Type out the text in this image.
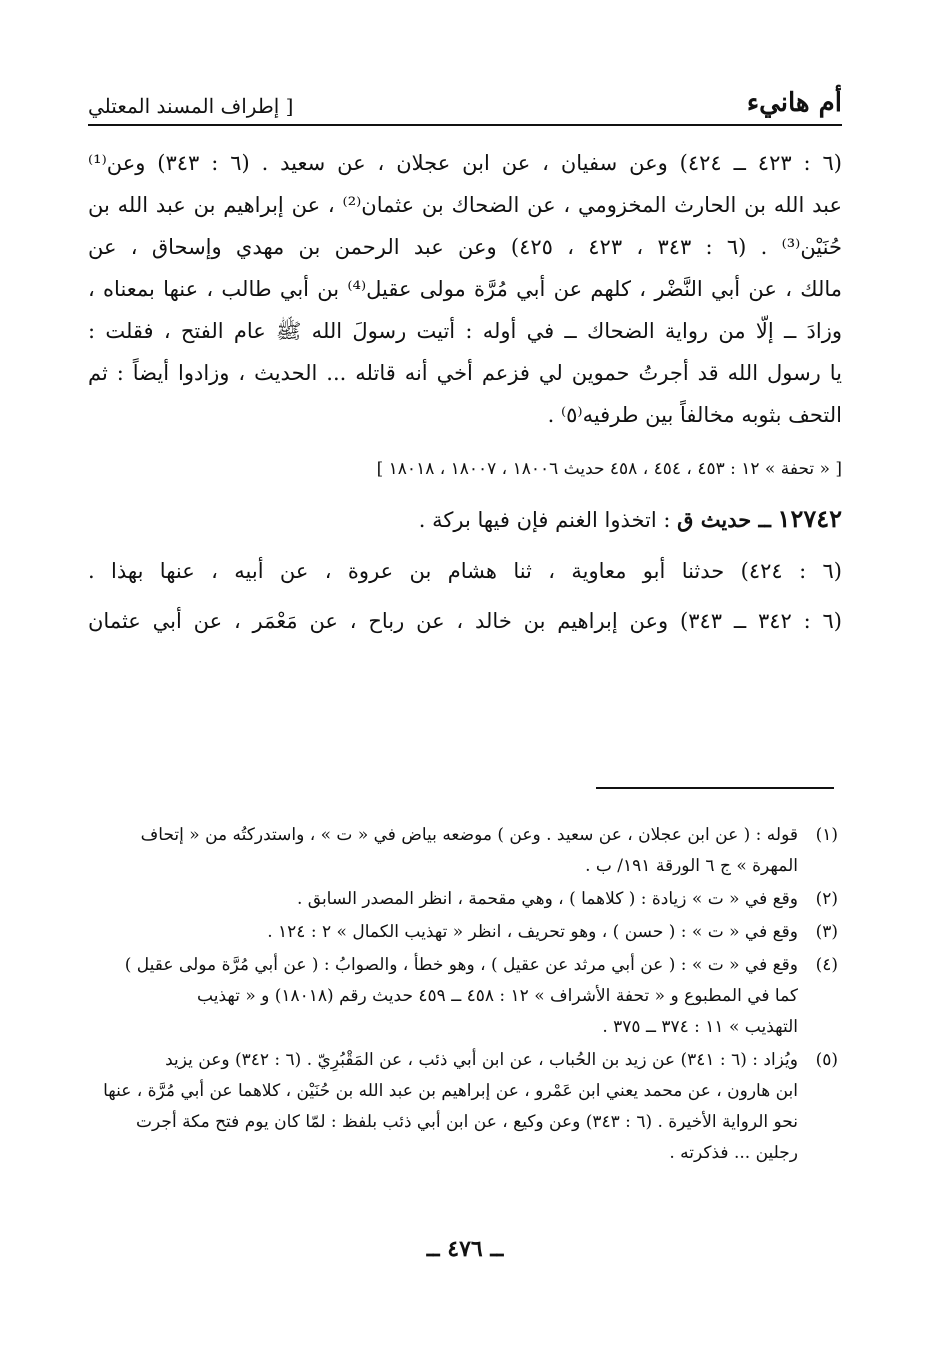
أم هانيء
[ إطراف المسند المعتلي

(٦ : ٤٢٣ ــ ٤٢٤) وعن سفيان ، عن ابن عجلان ، عن سعيد . (٦ : ٣٤٣) وعن⁽¹⁾
عبد الله بن الحارث المخزومي ، عن الضحاك بن عثمان⁽²⁾ ، عن إبراهيم بن عبد الله بن
حُنَيْن⁽³⁾ . (٦ : ٣٤٣ ، ٤٢٣ ، ٤٢٥) وعن عبد الرحمن بن مهدي وإسحاق ، عن
مالك ، عن أبي النَّضْر ، كلهم عن أبي مُرَّة مولى عقيل⁽⁴⁾ بن أبي طالب ، عنها بمعناه ،
وزادَ ــ إلّا من رواية الضحاك ــ في أوله : أتيت رسولَ الله ﷺ عام الفتح ، فقلت :
يا رسول الله قد أجرتُ حموين لي فزعم أخي أنه قاتله ... الحديث ، وزادوا أيضاً : ثم
التحف بثوبه مخالفاً بين طرفيه⁽٥⁾ .

[ « تحفة » ١٢ : ٤٥٣ ، ٤٥٤ ، ٤٥٨ حديث ١٨٠٠٦ ، ١٨٠٠٧ ، ١٨٠١٨ ]

١٢٧٤٢ ــ حديث ق : اتخذوا الغنم فإن فيها بركة .

(٦ : ٤٢٤) حدثنا أبو معاوية ، ثنا هشام بن عروة ، عن أبيه ، عنها بهذا .

(٦ : ٣٤٢ ــ ٣٤٣) وعن إبراهيم بن خالد ، عن رباح ، عن مَعْمَر ، عن أبي عثمان

(١)
قوله : ( عن ابن عجلان ، عن سعيد . وعن ) موضعه بياض في « ت » ، واستدركتُه من « إتحاف
المهرة » ج ٦ الورقة ١٩١/ ب .
(٢)
وقع في « ت » زيادة : ( كلاهما ) ، وهي مقحمة ، انظر المصدر السابق .
(٣)
وقع في « ت » : ( حسن ) ، وهو تحريف ، انظر « تهذيب الكمال » ٢ : ١٢٤ .
(٤)
وقع في « ت » : ( عن أبي مرثد عن عقيل ) ، وهو خطأ ، والصوابُ : ( عن أبي مُرَّة مولى عقيل )
كما في المطبوع و « تحفة الأشراف » ١٢ : ٤٥٨ ــ ٤٥٩ حديث رقم (١٨٠١٨) و « تهذيب
التهذيب » ١١ : ٣٧٤ ــ ٣٧٥ .
(٥)
ويُزاد : (٦ : ٣٤١) عن زيد بن الحُباب ، عن ابن أبي ذئب ، عن المَقْبُرِيّ . (٦ : ٣٤٢) وعن يزيد
ابن هارون ، عن محمد يعني ابن عَمْرو ، عن إبراهيم بن عبد الله بن حُنَيْن ، كلاهما عن أبي مُرَّة ، عنها
نحو الرواية الأخيرة . (٦ : ٣٤٣) وعن وكيع ، عن ابن أبي ذئب بلفظ : لمّا كان يوم فتح مكة أجرت
رجلين ... فذكرته .
ــ ٤٧٦ ــ
